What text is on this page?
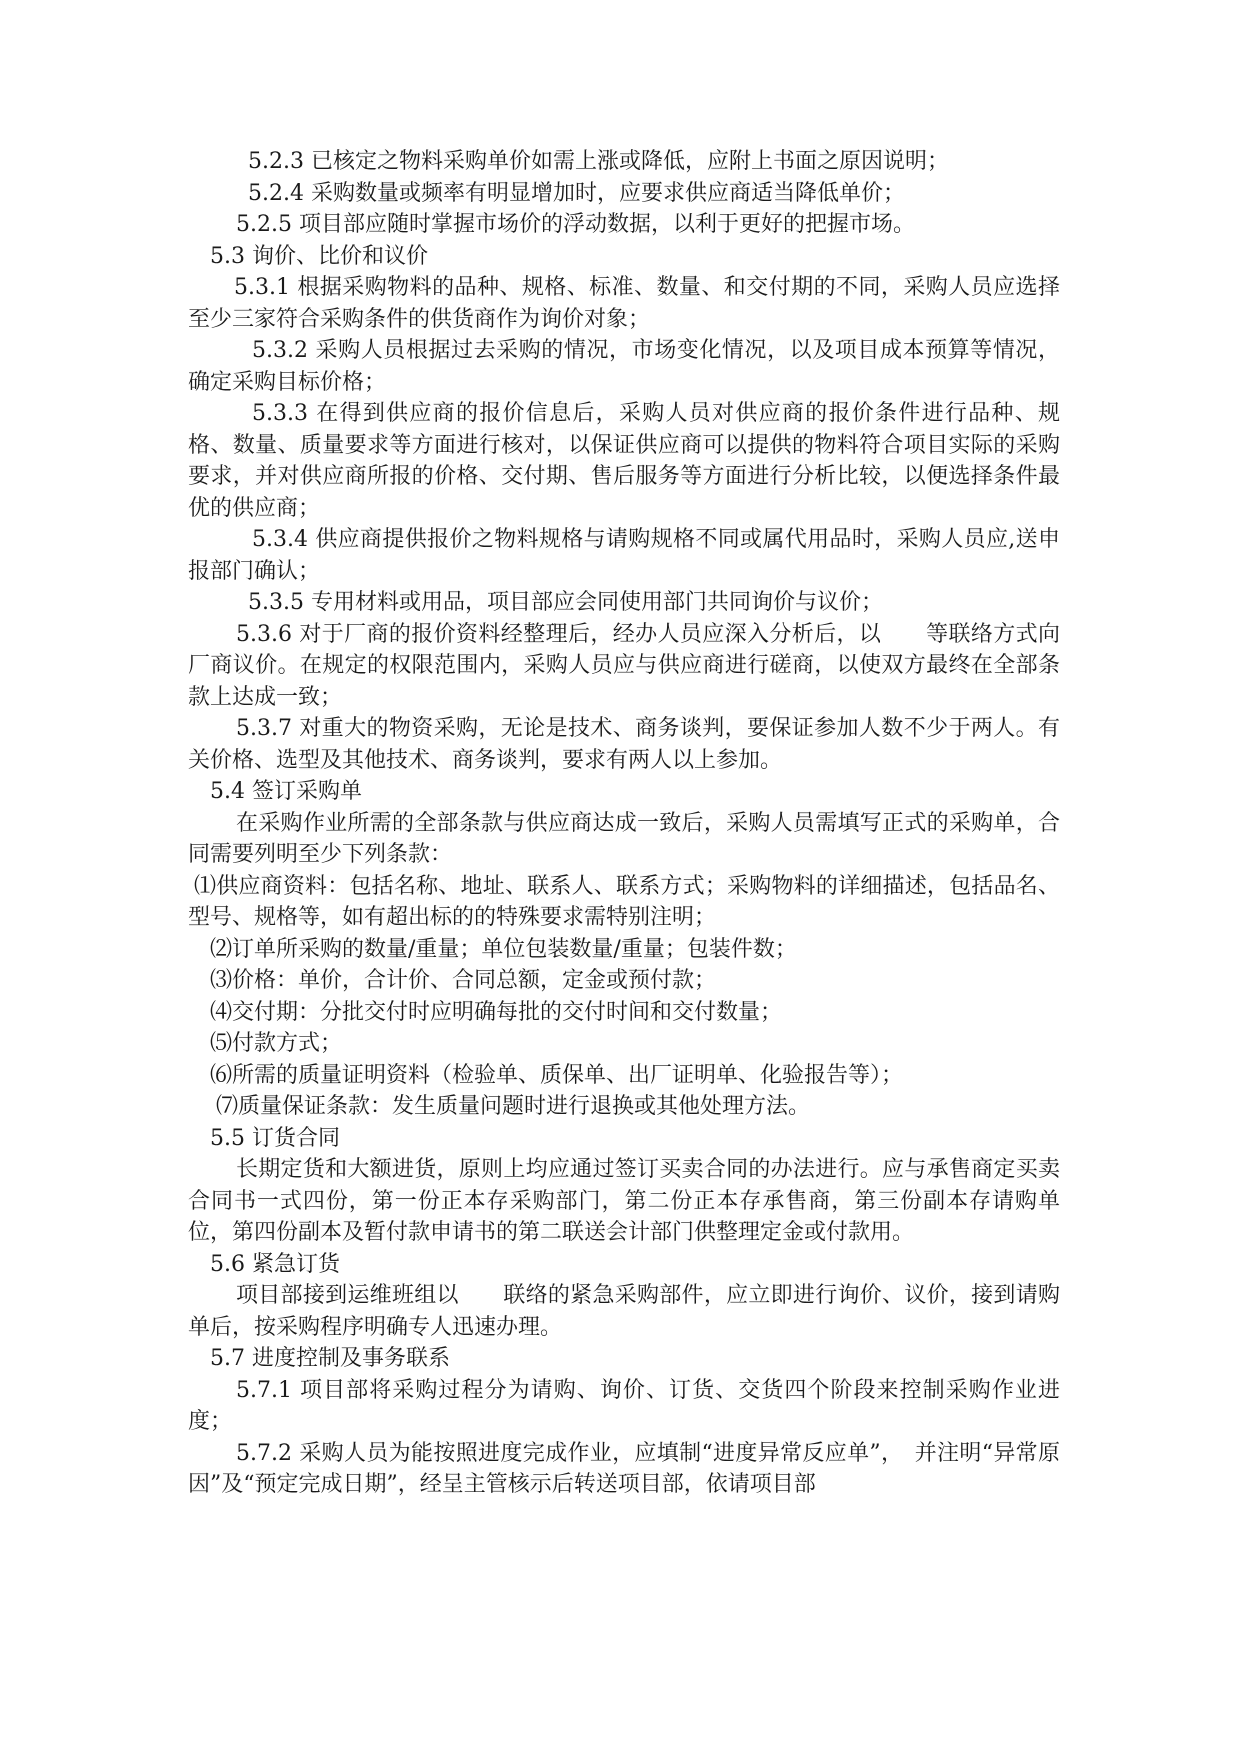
5.2.3 已核定之物料采购单价如需上涨或降低，应附上书面之原因说明；

5.2.4 采购数量或频率有明显增加时，应要求供应商适当降低单价；

5.2.5 项目部应随时掌握市场价的浮动数据，以利于更好的把握市场。

5.3 询价、比价和议价

5.3.1 根据采购物料的品种、规格、标准、数量、和交付期的不同，采购人员应选择至少三家符合采购条件的供货商作为询价对象；

5.3.2 采购人员根据过去采购的情况，市场变化情况，以及项目成本预算等情况，确定采购目标价格；

5.3.3 在得到供应商的报价信息后，采购人员对供应商的报价条件进行品种、规格、数量、质量要求等方面进行核对，以保证供应商可以提供的物料符合项目实际的采购要求，并对供应商所报的价格、交付期、售后服务等方面进行分析比较，以便选择条件最优的供应商；

5.3.4 供应商提供报价之物料规格与请购规格不同或属代用品时，采购人员应,送申报部门确认；

5.3.5 专用材料或用品，项目部应会同使用部门共同询价与议价；

5.3.6 对于厂商的报价资料经整理后，经办人员应深入分析后，以　　等联络方式向厂商议价。在规定的权限范围内，采购人员应与供应商进行磋商，以使双方最终在全部条款上达成一致；

5.3.7 对重大的物资采购，无论是技术、商务谈判，要保证参加人数不少于两人。有关价格、选型及其他技术、商务谈判，要求有两人以上参加。

5.4 签订采购单

在采购作业所需的全部条款与供应商达成一致后，采购人员需填写正式的采购单，合同需要列明至少下列条款：

⑴供应商资料：包括名称、地址、联系人、联系方式；采购物料的详细描述，包括品名、型号、规格等，如有超出标的的特殊要求需特别注明；

⑵订单所采购的数量/重量；单位包装数量/重量；包装件数；

⑶价格：单价，合计价、合同总额，定金或预付款；

⑷交付期：分批交付时应明确每批的交付时间和交付数量；

⑸付款方式；

⑹所需的质量证明资料（检验单、质保单、出厂证明单、化验报告等）；

⑺质量保证条款：发生质量问题时进行退换或其他处理方法。

5.5 订货合同

长期定货和大额进货，原则上均应通过签订买卖合同的办法进行。应与承售商定买卖合同书一式四份，第一份正本存采购部门，第二份正本存承售商，第三份副本存请购单位，第四份副本及暂付款申请书的第二联送会计部门供整理定金或付款用。

5.6 紧急订货

项目部接到运维班组以　　联络的紧急采购部件，应立即进行询价、议价，接到请购单后，按采购程序明确专人迅速办理。

5.7 进度控制及事务联系

5.7.1 项目部将采购过程分为请购、询价、订货、交货四个阶段来控制采购作业进度；

5.7.2 采购人员为能按照进度完成作业，应填制“进度异常反应单”，　并注明“异常原因”及“预定完成日期”，经呈主管核示后转送项目部，依请项目部
